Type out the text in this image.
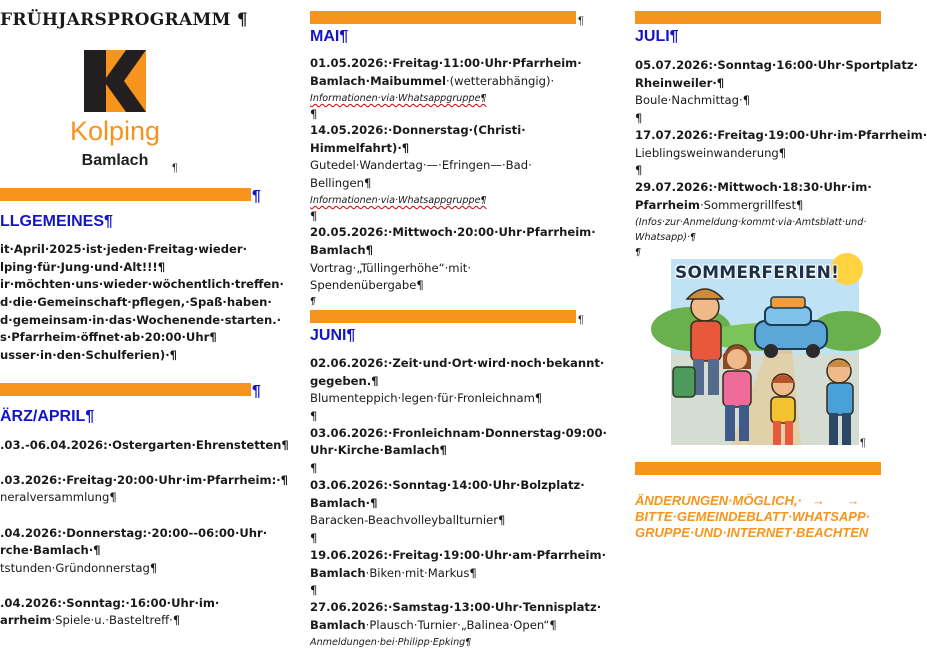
FRÜHJARSPROGRAMM ¶
Kolping
Bamlach	¶
¶
LLGEMEINES¶
it·April·2025·ist·jeden·Freitag·wieder·
lping·für·Jung·und·Alt!!!¶
ir·möchten·uns·wieder·wöchentlich·treffen·
d·die·Gemeinschaft·pflegen,·Spaß·haben·
d·gemeinsam·in·das·Wochenende·starten.·
s·Pfarrheim·öffnet·ab·20:00·Uhr¶
usser·in·den·Schulferien)·¶
¶
ÄRZ/APRIL¶
.03.-06.04.2026:·Ostergarten·Ehrenstetten¶
.03.2026:·Freitag·20:00·Uhr·im·Pfarrheim:·¶
neralversammlung¶
.04.2026:·Donnerstag:·20:00--06:00·Uhr·
rche·Bamlach·¶
tstunden·Gründonnerstag¶
.04.2026:·Sonntag:·16:00·Uhr·im·
arrheim·Spiele·u.·Basteltreff·¶
¶
MAI¶
01.05.2026:·Freitag·11:00·Uhr·Pfarrheim·
Bamlach·Maibummel·(wetterabhängig)·
Informationen·via·Whatsappgruppe¶
¶
14.05.2026:·Donnerstag·(Christi·
Himmelfahrt)·¶
Gutedel·Wandertag·—·Efringen—·Bad·
Bellingen¶
Informationen·via·Whatsappgruppe¶
¶
20.05.2026:·Mittwoch·20:00·Uhr·Pfarrheim·
Bamlach¶
Vortrag·„Tüllingerhöhe“·mit·
Spendenübergabe¶
¶
¶
JUNI¶
02.06.2026:·Zeit·und·Ort·wird·noch·bekannt·
gegeben.¶
Blumenteppich·legen·für·Fronleichnam¶
¶
03.06.2026:·Fronleichnam·Donnerstag·09:00·
Uhr·Kirche·Bamlach¶
¶
03.06.2026:·Sonntag·14:00·Uhr·Bolzplatz·
Bamlach·¶
Baracken-Beachvolleyballturnier¶
¶
19.06.2026:·Freitag·19:00·Uhr·am·Pfarrheim·
Bamlach·Biken·mit·Markus¶
¶
27.06.2026:·Samstag·13:00·Uhr·Tennisplatz·
Bamlach·Plausch·Turnier·„Balinea·Open“¶
Anmeldungen·bei·Philipp·Epking¶
JULI¶
05.07.2026:·Sonntag·16:00·Uhr·Sportplatz·
Rheinweiler·¶
Boule·Nachmittag·¶
¶
17.07.2026:·Freitag·19:00·Uhr·im·Pfarrheim·
Lieblingsweinwanderung¶
¶
29.07.2026:·Mittwoch·18:30·Uhr·im·
Pfarrheim·Sommergrillfest¶
(Infos·zur·Anmeldung·kommt·via·Amtsblatt·und·
Whatsapp)·¶
¶
SOMMERFERIEN!
¶
ÄNDERUNGEN·MÖGLICH,· →      →
BITTE·GEMEINDEBLATT·WHATSAPP·
GRUPPE·UND·INTERNET·BEACHTEN
